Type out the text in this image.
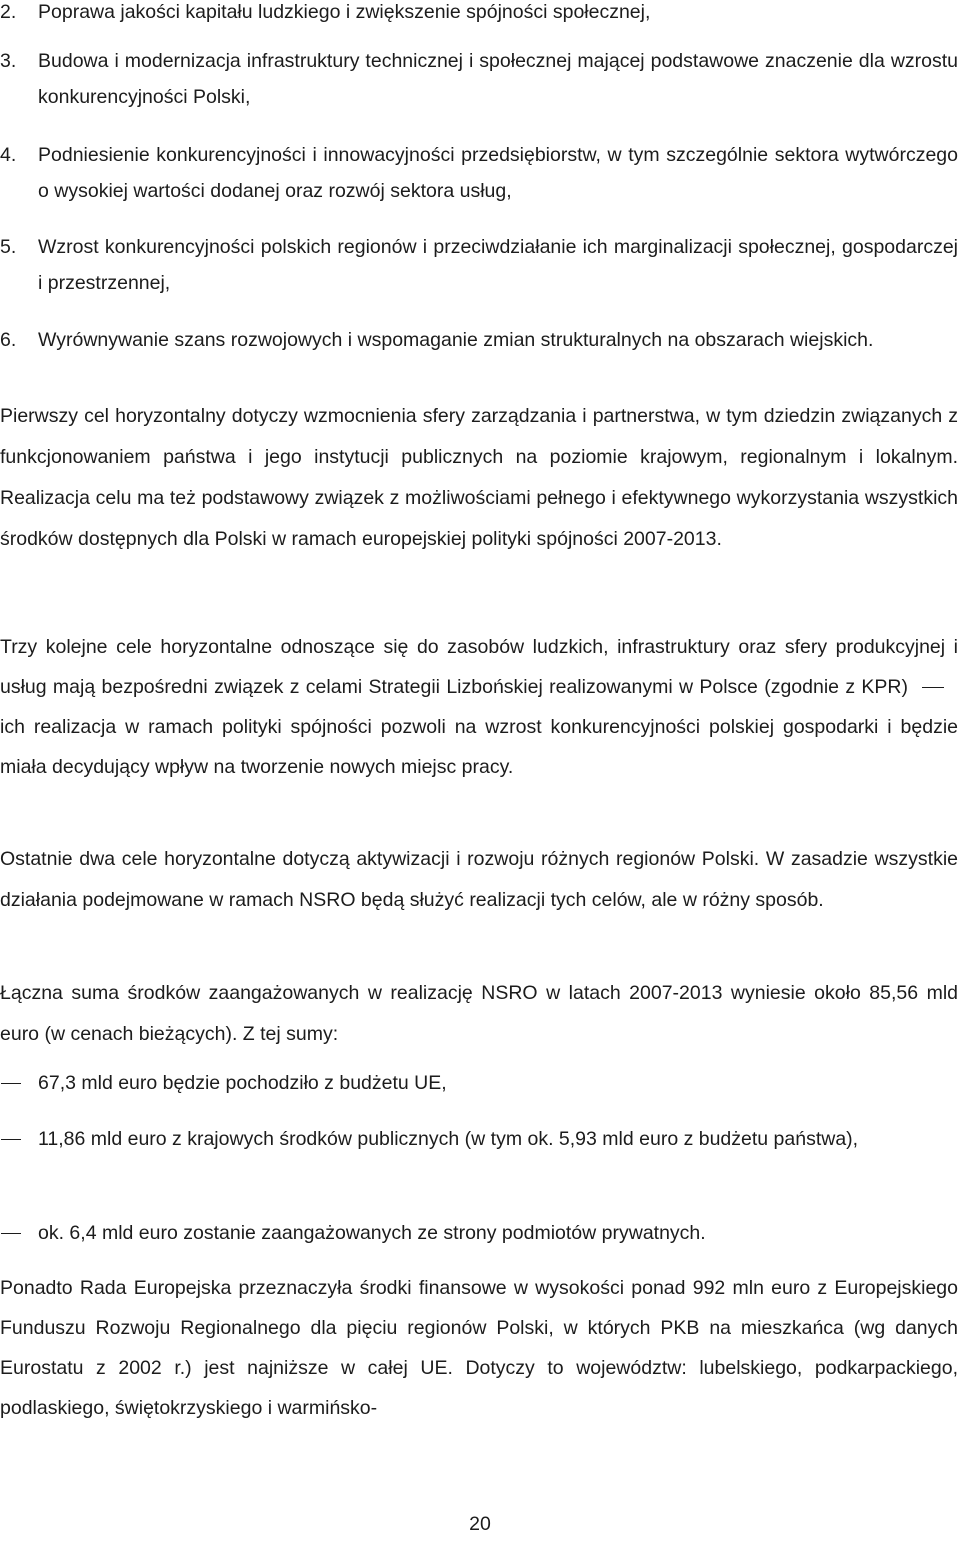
2.	Poprawa jakości kapitału ludzkiego i zwiększenie spójności społecznej,
3.	Budowa i modernizacja infrastruktury technicznej i społecznej mającej podstawowe znaczenie dla wzrostu konkurencyjności Polski,
4.	Podniesienie konkurencyjności i innowacyjności przedsiębiorstw, w tym szczególnie sektora wytwórczego o wysokiej wartości dodanej oraz rozwój sektora usług,
5.	Wzrost konkurencyjności polskich regionów i przeciwdziałanie ich marginalizacji społecznej, gospodarczej i przestrzennej,
6.	Wyrównywanie szans rozwojowych i wspomaganie zmian strukturalnych na obszarach wiejskich.

Pierwszy cel horyzontalny dotyczy wzmocnienia sfery zarządzania i partnerstwa, w tym dziedzin związanych z funkcjonowaniem państwa i jego instytucji publicznych na poziomie krajowym, regionalnym i lokalnym. Realizacja celu ma też podstawowy związek z możliwościami pełnego i efektywnego wykorzystania wszystkich środków dostępnych dla Polski w ramach europejskiej polityki spójności 2007-2013.

Trzy kolejne cele horyzontalne odnoszące się do zasobów ludzkich, infrastruktury oraz sfery produkcyjnej i usług mają bezpośredni związek z celami Strategii Lizbońskiej realizowanymi w Polsce (zgodnie z KPR)ich realizacja w ramach polityki spójności pozwoli na wzrost konkurencyjności polskiej gospodarki i będzie miała decydujący wpływ na tworzenie nowych miejsc pracy.

Ostatnie dwa cele horyzontalne dotyczą aktywizacji i rozwoju różnych regionów Polski. W zasadzie wszystkie działania podejmowane w ramach NSRO będą służyć realizacji tych celów, ale w różny sposób.

Łączna suma środków zaangażowanych w realizację NSRO w latach 2007-2013 wyniesie około 85,56 mld euro (w cenach bieżących). Z tej sumy:

67,3 mld euro będzie pochodziło z budżetu UE,
11,86 mld euro z krajowych środków publicznych (w tym ok. 5,93 mld euro z budżetu państwa),
ok. 6,4 mld euro zostanie zaangażowanych ze strony podmiotów prywatnych.

Ponadto Rada Europejska przeznaczyła środki finansowe w wysokości ponad 992 mln euro z Europejskiego Funduszu Rozwoju Regionalnego dla pięciu regionów Polski, w których PKB na mieszkańca (wg danych Eurostatu z 2002 r.) jest najniższe w całej UE. Dotyczy to województw: lubelskiego, podkarpackiego, podlaskiego, świętokrzyskiego i warmińsko-

20
